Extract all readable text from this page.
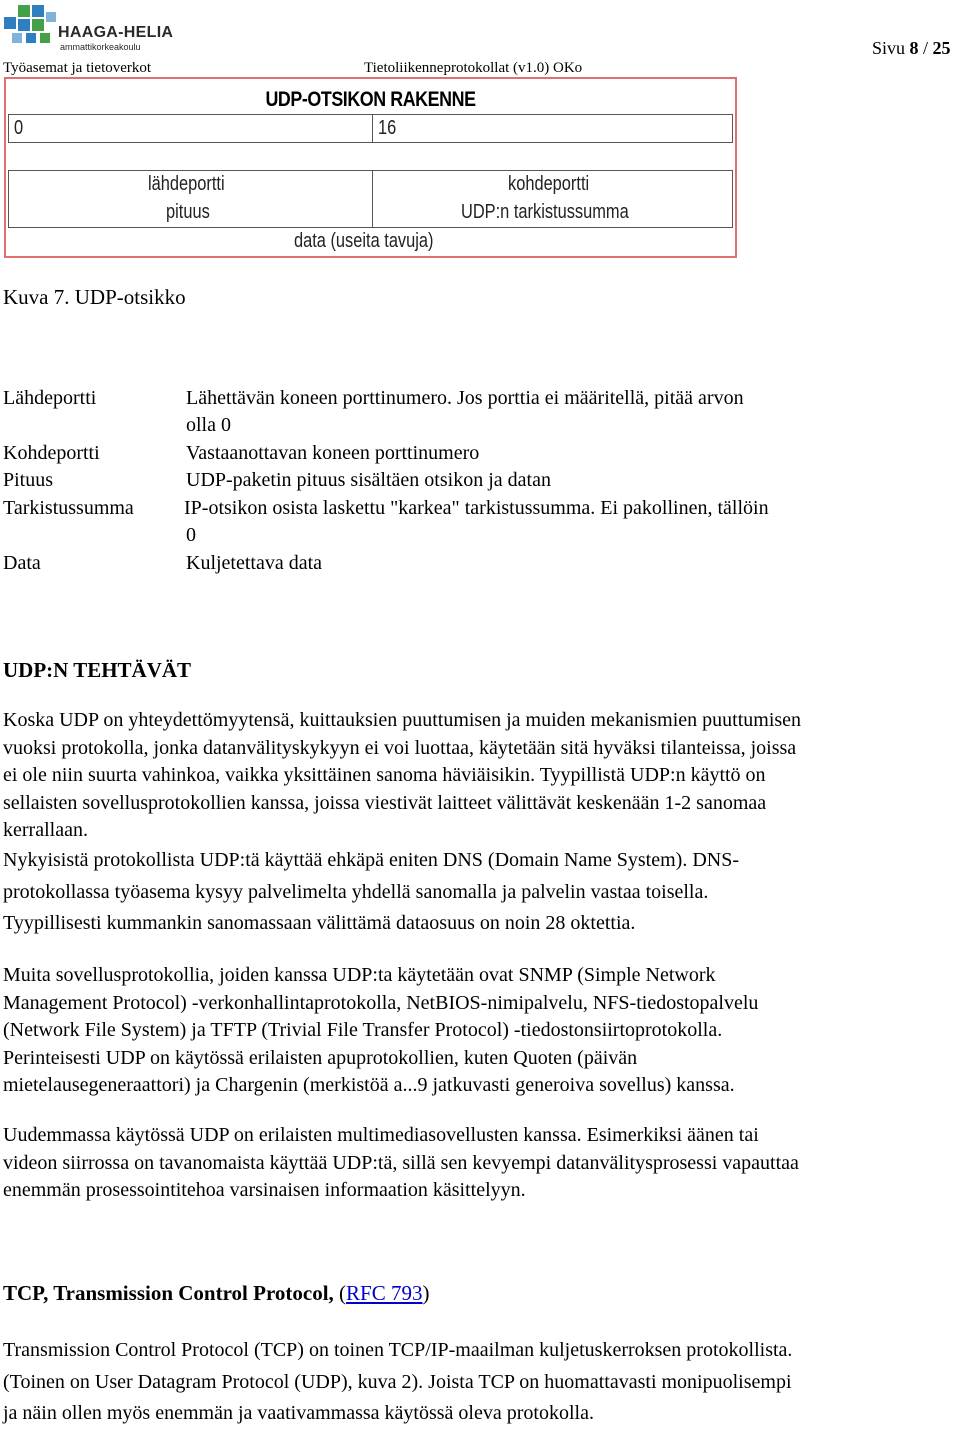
HAAGA-HELIA
ammattikorkeakoulu
Työasemat ja tietoverkot	Tietoliikenneprotokollat (v1.0) OKo
Sivu 8 / 25
UDP-OTSIKON RAKENNE
0	16
lähdeportti	kohdeportti
pituus	UDP:n tarkistussumma
data (useita tavuja)
Kuva 7. UDP-otsikko
Lähdeportti	Lähettävän koneen porttinumero. Jos porttia ei määritellä, pitää arvon
olla 0
Kohdeportti	Vastaanottavan koneen porttinumero
Pituus	UDP-paketin pituus sisältäen otsikon ja datan
Tarkistussumma	IP-otsikon osista laskettu "karkea" tarkistussumma. Ei pakollinen, tällöin
0
Data	Kuljetettava data
UDP:N TEHTÄVÄT
Koska UDP on yhteydettömyytensä, kuittauksien puuttumisen ja muiden mekanismien puuttumisen
vuoksi protokolla, jonka datanvälityskykyyn ei voi luottaa, käytetään sitä hyväksi tilanteissa, joissa
ei ole niin suurta vahinkoa, vaikka yksittäinen sanoma häviäisikin. Tyypillistä UDP:n käyttö on
sellaisten sovellusprotokollien kanssa, joissa viestivät laitteet välittävät keskenään 1-2 sanomaa
kerrallaan.
Nykyisistä protokollista UDP:tä käyttää ehkäpä eniten DNS (Domain Name System). DNS-
protokollassa työasema kysyy palvelimelta yhdellä sanomalla ja palvelin vastaa toisella.
Tyypillisesti kummankin sanomassaan välittämä dataosuus on noin 28 oktettia.
Muita sovellusprotokollia, joiden kanssa UDP:ta käytetään ovat SNMP (Simple Network
Management Protocol) -verkonhallintaprotokolla, NetBIOS-nimipalvelu, NFS-tiedostopalvelu
(Network File System) ja TFTP (Trivial File Transfer Protocol) -tiedostonsiirtoprotokolla.
Perinteisesti UDP on käytössä erilaisten apuprotokollien, kuten Quoten (päivän
mietelausegeneraattori) ja Chargenin (merkistöä a...9 jatkuvasti generoiva sovellus) kanssa.
Uudemmassa käytössä UDP on erilaisten multimediasovellusten kanssa. Esimerkiksi äänen tai
videon siirrossa on tavanomaista käyttää UDP:tä, sillä sen kevyempi datanvälitysprosessi vapauttaa
enemmän prosessointitehoa varsinaisen informaation käsittelyyn.
TCP, Transmission Control Protocol, (RFC 793)
Transmission Control Protocol (TCP) on toinen TCP/IP-maailman kuljetuskerroksen protokollista.
(Toinen on User Datagram Protocol (UDP), kuva 2). Joista TCP on huomattavasti monipuolisempi
ja näin ollen myös enemmän ja vaativammassa käytössä oleva protokolla.
